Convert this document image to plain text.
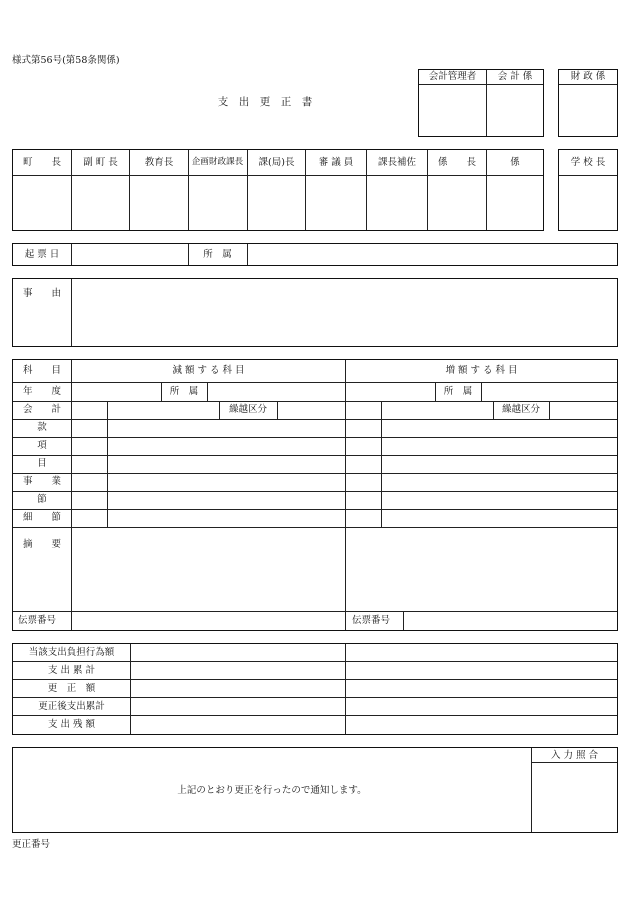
様式第56号(第58条関係)
支　出　更　正　書
会計管理者	会 計 係	財 政 係
町　　長	副 町 長	教育長	企画財政課長	課(局)長	審 議 員	課長補佐	係　　長	係	学 校 長
起 票 日	所　属
事　　由
科　　目	減 額 す る 科 目	増 額 す る 科 目
年　　度	所　属	所　属
会　　計	繰越区分	繰越区分
款
項
目
事　　業
節
細　　節
摘　　要
伝票番号	伝票番号
当該支出負担行為額
支 出 累 計
更　正　額
更正後支出累計
支 出 残 額
入 力 照 合
上記のとおり更正を行ったので通知します。
更正番号
